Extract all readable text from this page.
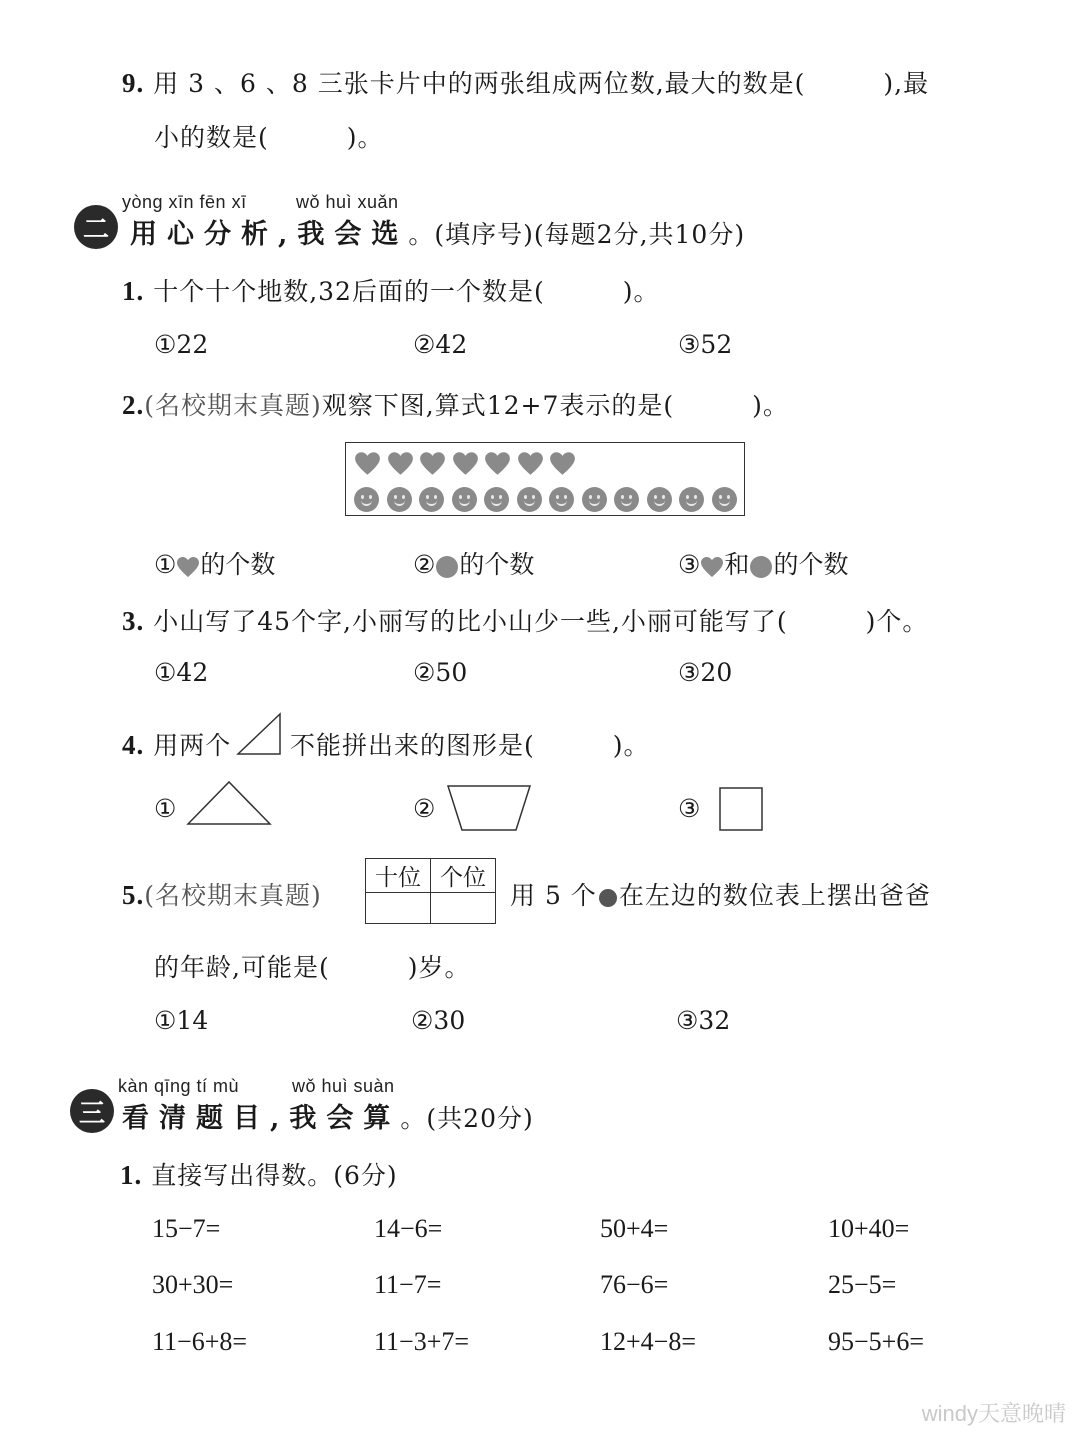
9. 用 3 、6 、8 三张卡片中的两张组成两位数,最大的数是(　　　),最
小的数是(　　　)。
yòng xīn fēn xī	wǒ huì xuǎn
二 用心分析,我会选。(填序号)(每题2分,共10分)
1. 十个十个地数,32后面的一个数是(　　　)。
①22	②42	③52
2.(名校期末真题)观察下图,算式12+7表示的是(　　　)。
① 的个数	② 的个数	③ 和 的个数
3. 小山写了45个字,小丽写的比小山少一些,小丽可能写了(　　　)个。
①42	②50	③20
4. 用两个 不能拼出来的图形是(　　　)。
①	②	③
5.(名校期末真题)
十位	个位

用 5 个 在左边的数位表上摆出爸爸
的年龄,可能是(　　　)岁。
①14	②30	③32
kàn qīng tí mù	wǒ huì suàn
三 看清题目,我会算。(共20分)
1. 直接写出得数。(6分)
15−7=	14−6=	50+4=	10+40=
30+30=	11−7=	76−6=	25−5=
11−6+8=	11−3+7=	12+4−8=	95−5+6=
windy天意晚晴
